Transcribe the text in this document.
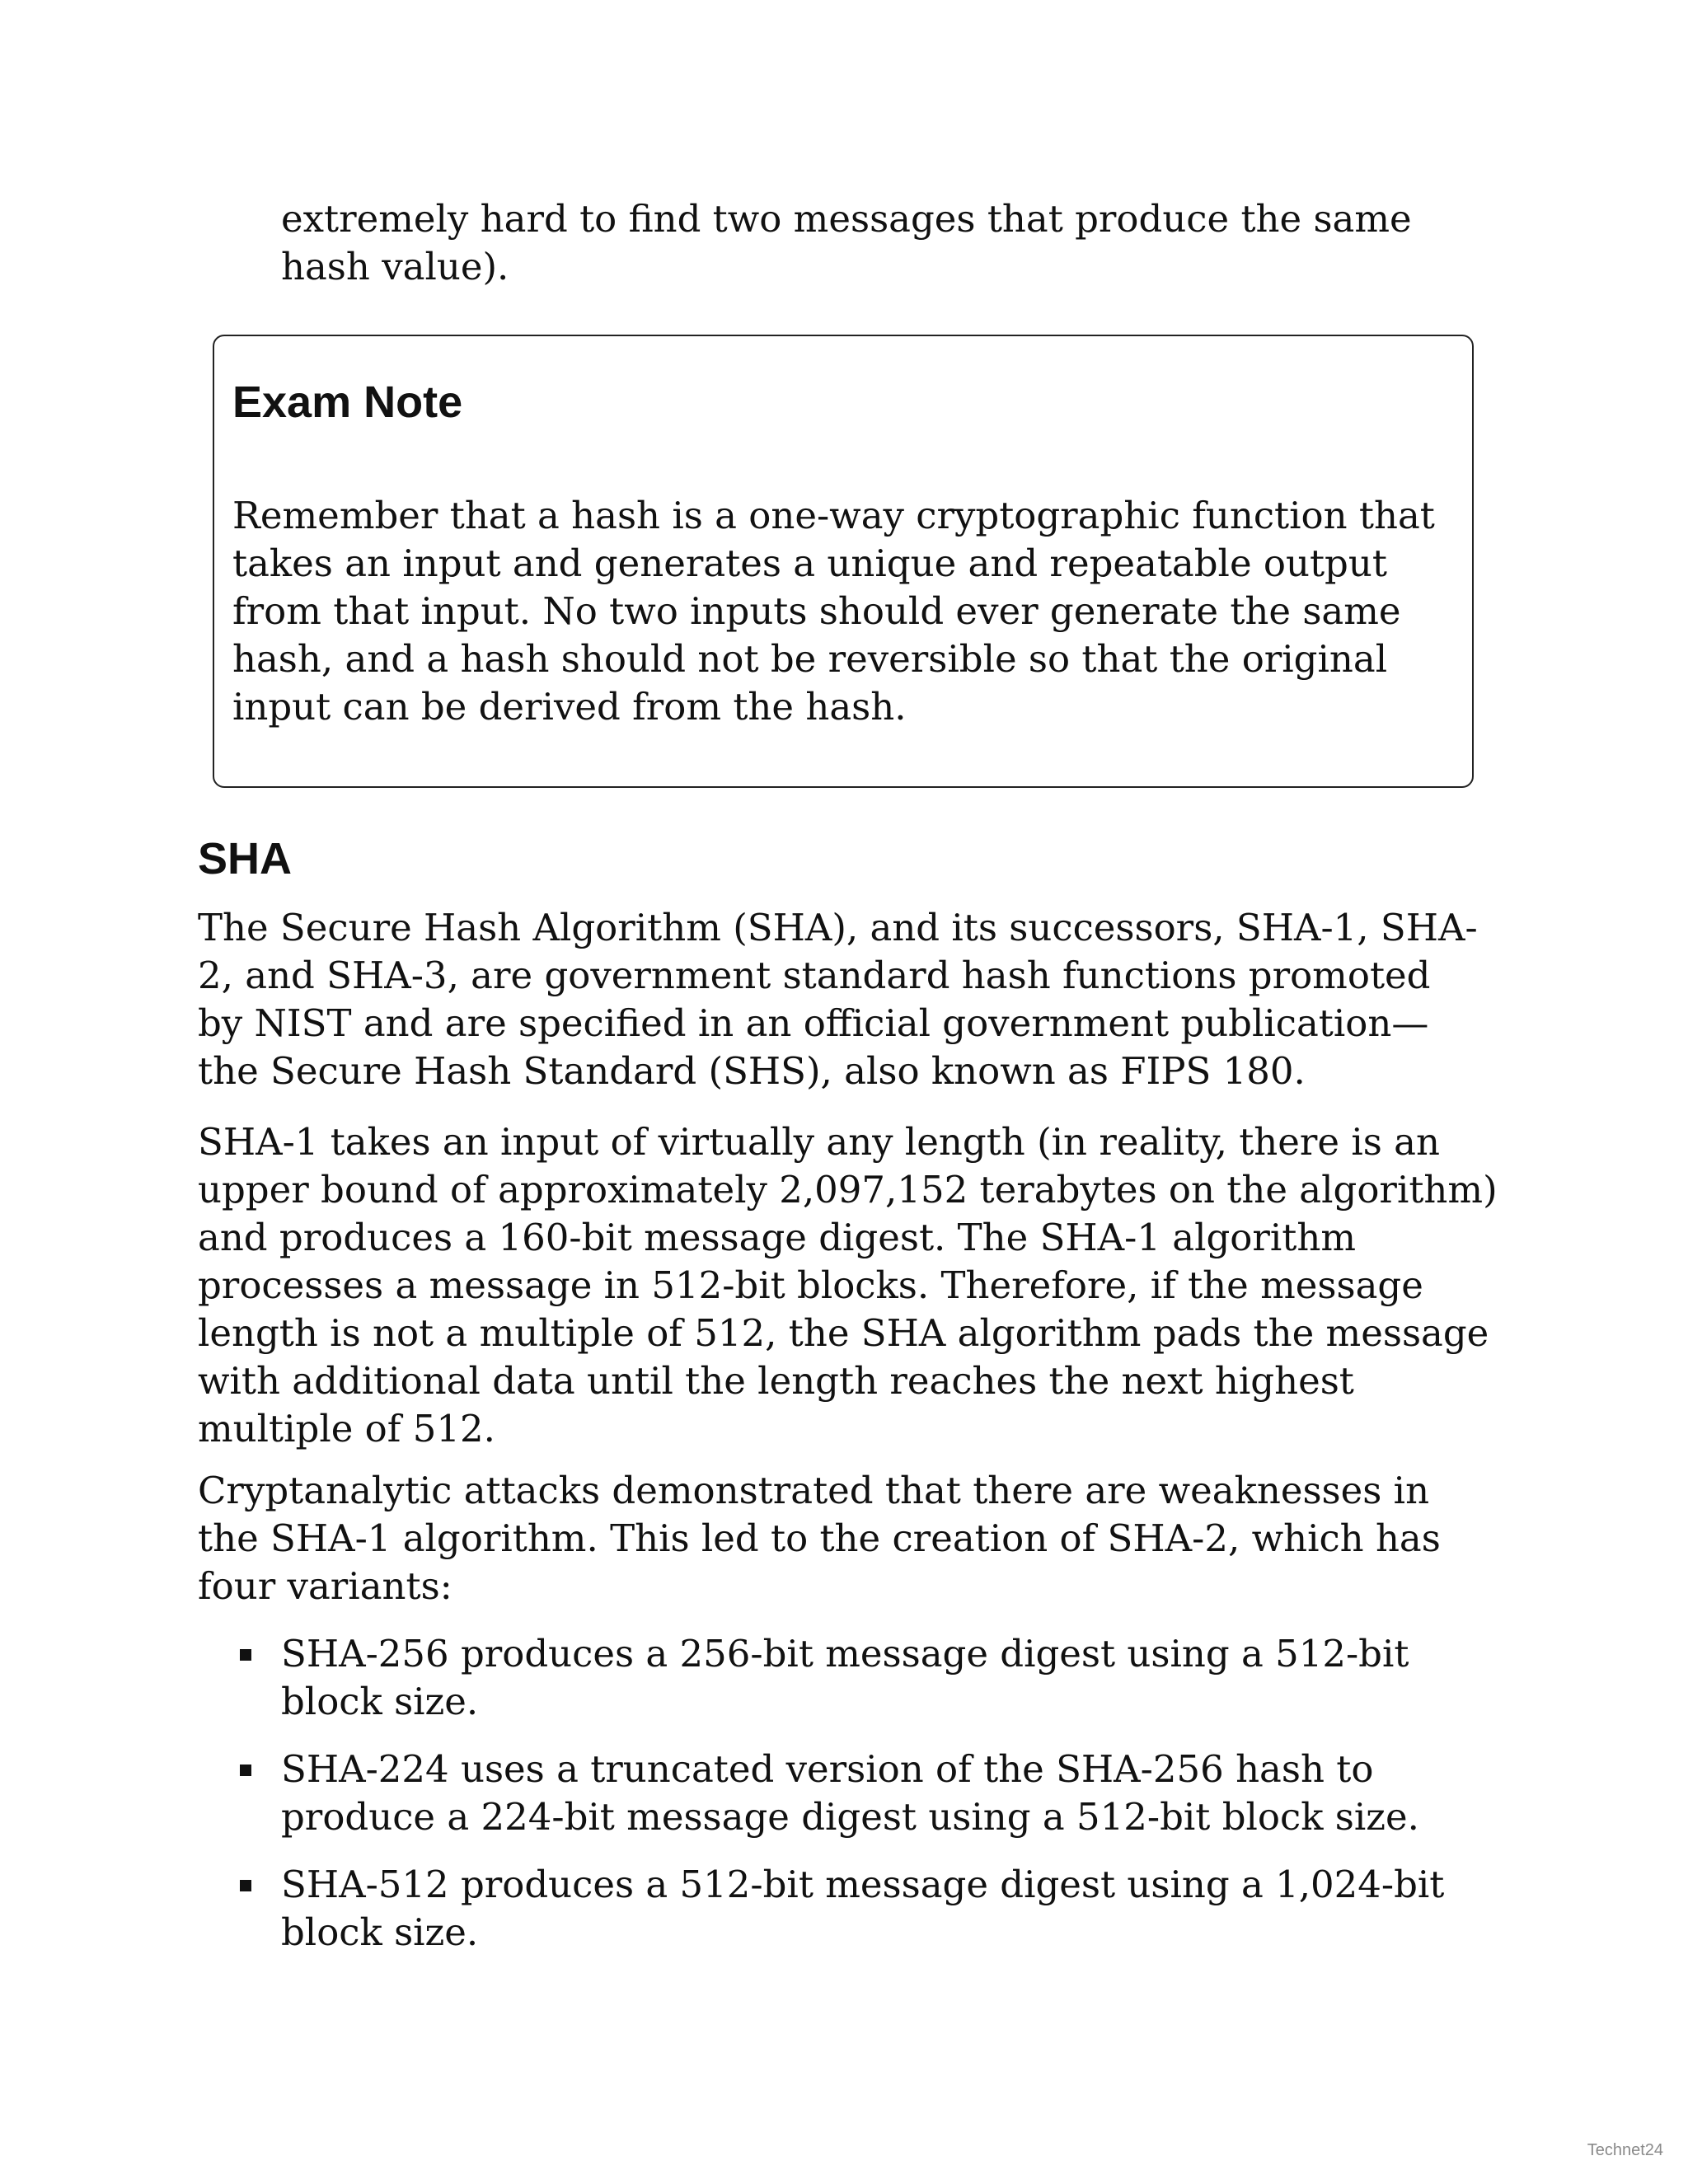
extremely hard to find two messages that produce the same hash value).

Exam Note

Remember that a hash is a one-way cryptographic function that takes an input and generates a unique and repeatable output from that input. No two inputs should ever generate the same hash, and a hash should not be reversible so that the original input can be derived from the hash.

SHA

The Secure Hash Algorithm (SHA), and its successors, SHA-1, SHA-2, and SHA-3, are government standard hash functions promoted by NIST and are specified in an official government publication—the Secure Hash Standard (SHS), also known as FIPS 180.

SHA-1 takes an input of virtually any length (in reality, there is an upper bound of approximately 2,097,152 terabytes on the algorithm) and produces a 160-bit message digest. The SHA-1 algorithm processes a message in 512-bit blocks. Therefore, if the message length is not a multiple of 512, the SHA algorithm pads the message with additional data until the length reaches the next highest multiple of 512.

Cryptanalytic attacks demonstrated that there are weaknesses in the SHA-1 algorithm. This led to the creation of SHA-2, which has four variants:

SHA-256 produces a 256-bit message digest using a 512-bit block size.
SHA-224 uses a truncated version of the SHA-256 hash to produce a 224-bit message digest using a 512-bit block size.
SHA-512 produces a 512-bit message digest using a 1,024-bit block size.
Technet24
